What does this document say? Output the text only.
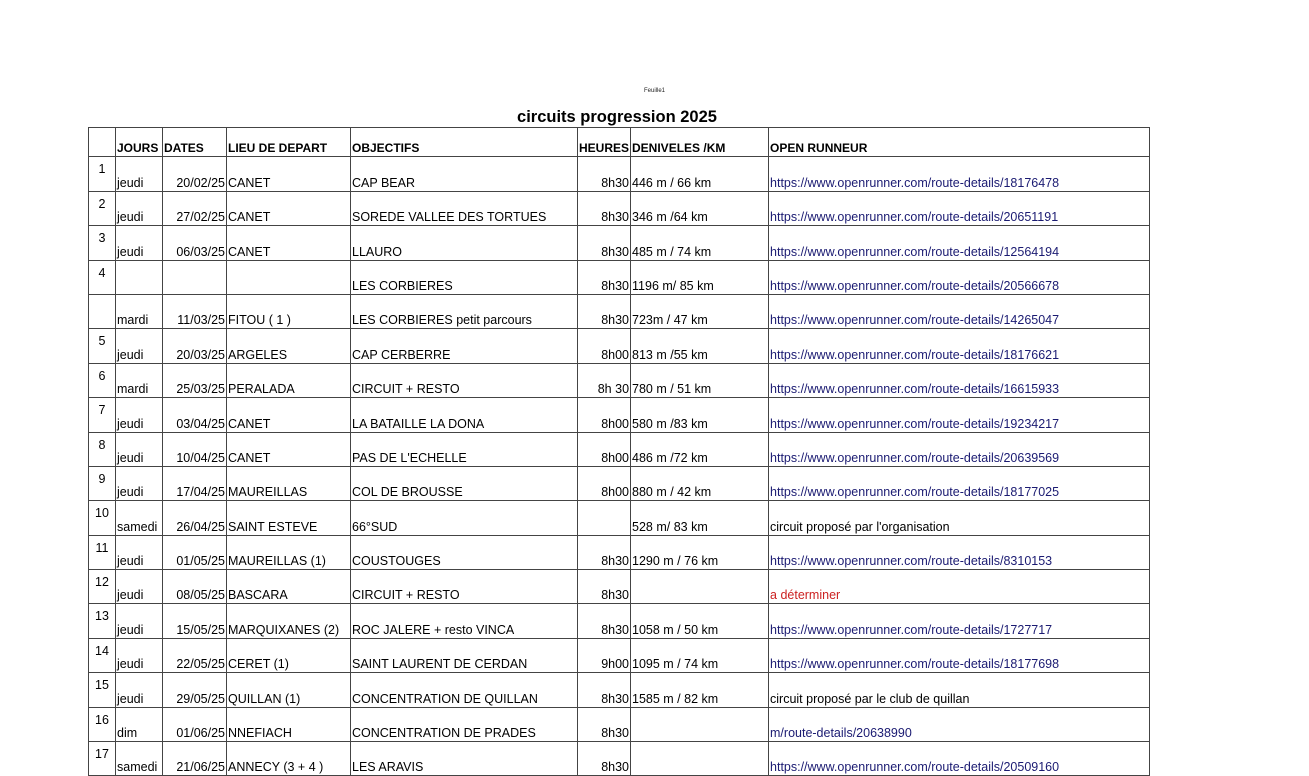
Feuille1
circuits progression 2025
	JOURS	DATES	LIEU DE DEPART	OBJECTIFS	HEURES	DENIVELES /KM	OPEN RUNNEUR
1	jeudi	20/02/25	CANET	CAP BEAR	8h30	446 m / 66 km	https://www.openrunner.com/route-details/18176478
2	jeudi	27/02/25	CANET	SOREDE VALLEE DES TORTUES	8h30	346 m /64 km	https://www.openrunner.com/route-details/20651191
3	jeudi	06/03/25	CANET	LLAURO	8h30	485 m / 74 km	https://www.openrunner.com/route-details/12564194
4				LES CORBIERES	8h30	1196 m/ 85 km	https://www.openrunner.com/route-details/20566678
	mardi	11/03/25	FITOU ( 1 )	LES CORBIERES petit parcours	8h30	723m / 47 km	https://www.openrunner.com/route-details/14265047
5	jeudi	20/03/25	ARGELES	CAP CERBERRE	8h00	813 m /55 km	https://www.openrunner.com/route-details/18176621
6	mardi	25/03/25	PERALADA	CIRCUIT + RESTO	8h 30	780 m / 51 km	https://www.openrunner.com/route-details/16615933
7	jeudi	03/04/25	CANET	LA BATAILLE LA DONA	8h00	580 m /83 km	https://www.openrunner.com/route-details/19234217
8	jeudi	10/04/25	CANET	PAS DE L'ECHELLE	8h00	486 m /72 km	https://www.openrunner.com/route-details/20639569
9	jeudi	17/04/25	MAUREILLAS	COL DE BROUSSE	8h00	880 m / 42 km	https://www.openrunner.com/route-details/18177025
10	samedi	26/04/25	SAINT ESTEVE	66°SUD		528 m/ 83 km	circuit proposé par l'organisation
11	jeudi	01/05/25	MAUREILLAS (1)	COUSTOUGES	8h30	1290 m / 76 km	https://www.openrunner.com/route-details/8310153
12	jeudi	08/05/25	BASCARA	CIRCUIT + RESTO	8h30		a déterminer
13	jeudi	15/05/25	MARQUIXANES (2)	ROC JALERE + resto VINCA	8h30	1058 m / 50 km	https://www.openrunner.com/route-details/1727717
14	jeudi	22/05/25	CERET (1)	SAINT LAURENT DE CERDAN	9h00	1095 m / 74 km	https://www.openrunner.com/route-details/18177698
15	jeudi	29/05/25	QUILLAN (1)	CONCENTRATION DE QUILLAN	8h30	1585 m / 82 km	circuit proposé par le club de quillan
16	dim	01/06/25	NNEFIACH	CONCENTRATION DE PRADES	8h30		m/route-details/20638990
17	samedi	21/06/25	ANNECY (3 + 4 )	LES ARAVIS	8h30		https://www.openrunner.com/route-details/20509160
